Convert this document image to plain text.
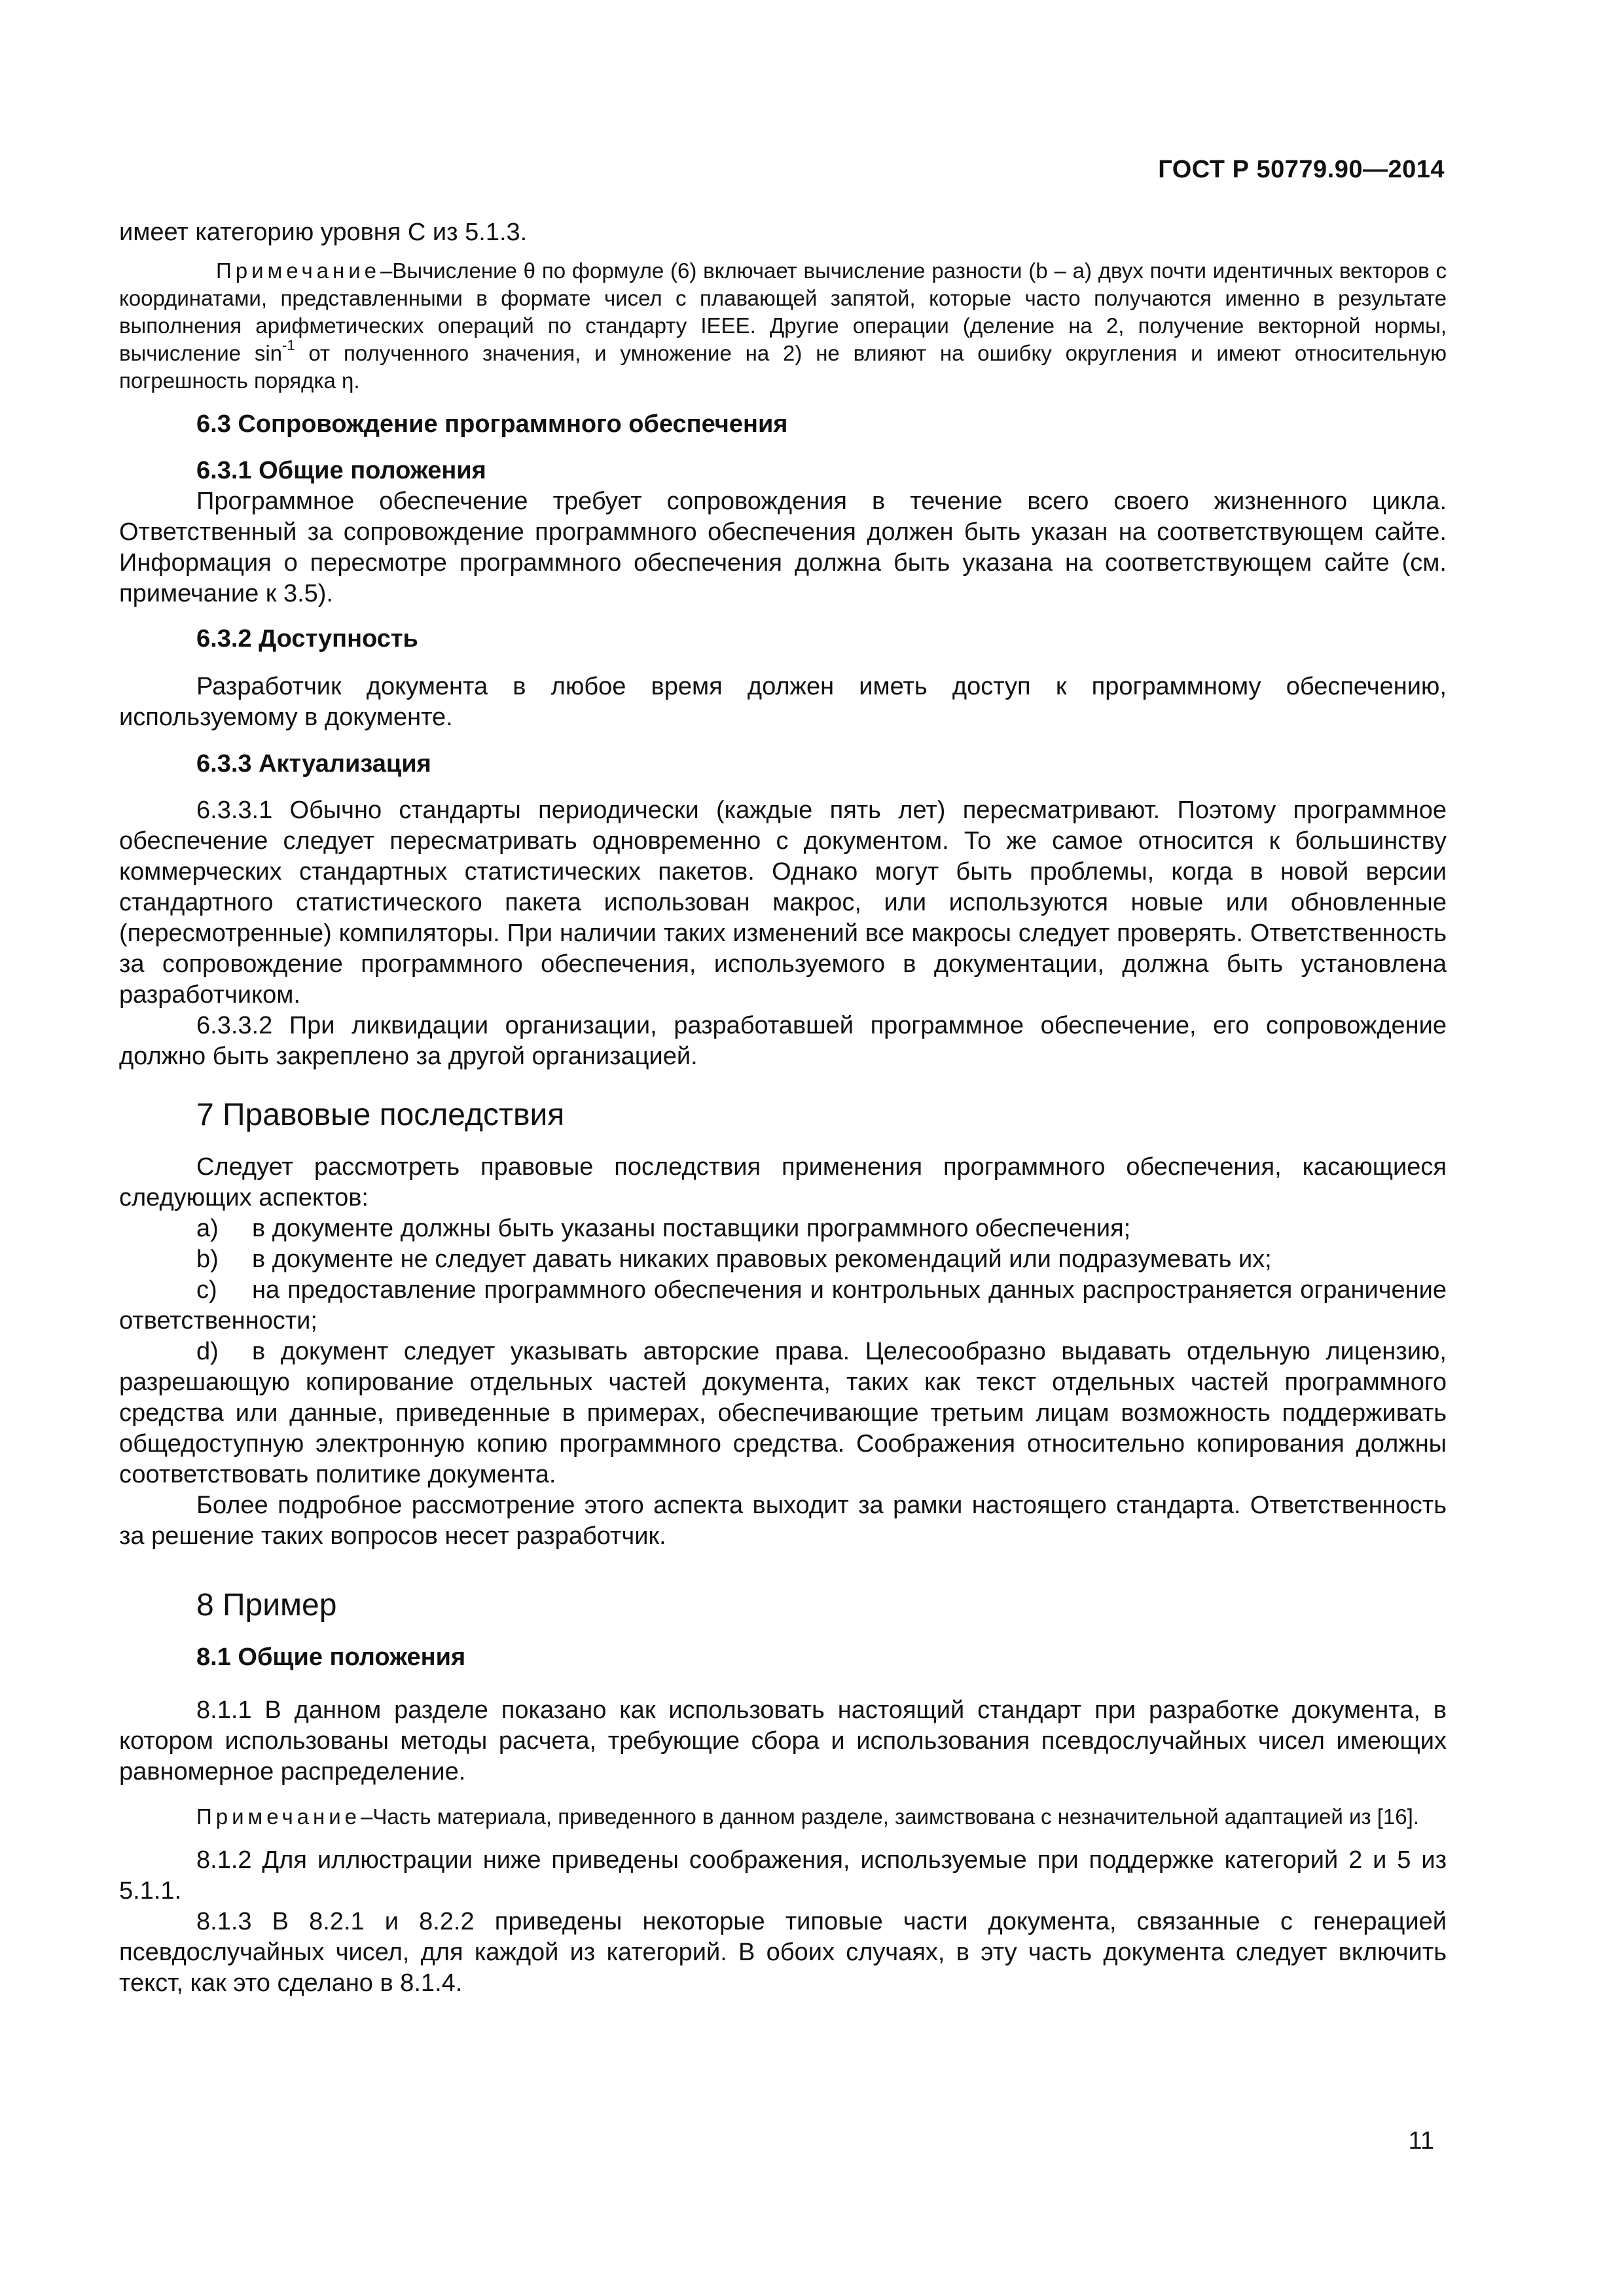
ГОСТ Р 50779.90—2014

имеет категорию уровня С из 5.1.3.

Примечание–Вычисление θ по формуле (6) включает вычисление разности (b – a) двух почти идентичных векторов с координатами, представленными в формате чисел с плавающей запятой, которые часто получаются именно в результате выполнения арифметических операций по стандарту IEEE. Другие операции (деление на 2, получение векторной нормы, вычисление $\sin^{-1}$ от полученного значения, и умножение на 2) не влияют на ошибку округления и имеют относительную погрешность порядка η.

6.3 Сопровождение программного обеспечения

6.3.1 Общие положения

Программное обеспечение требует сопровождения в течение всего своего жизненного цикла. Ответственный за сопровождение программного обеспечения должен быть указан на соответствующем сайте. Информация о пересмотре программного обеспечения должна быть указана на соответствующем сайте (см. примечание к 3.5).

6.3.2 Доступность

Разработчик документа в любое время должен иметь доступ к программному обеспечению, используемому в документе.

6.3.3 Актуализация

6.3.3.1 Обычно стандарты периодически (каждые пять лет) пересматривают. Поэтому программное обеспечение следует пересматривать одновременно с документом. То же самое относится к большинству коммерческих стандартных статистических пакетов. Однако могут быть проблемы, когда в новой версии стандартного статистического пакета использован макрос, или используются новые или обновленные (пересмотренные) компиляторы. При наличии таких изменений все макросы следует проверять. Ответственность за сопровождение программного обеспечения, используемого в документации, должна быть установлена разработчиком.

6.3.3.2 При ликвидации организации, разработавшей программное обеспечение, его сопровождение должно быть закреплено за другой организацией.

7 Правовые последствия

Следует рассмотреть правовые последствия применения программного обеспечения, касающиеся следующих аспектов:

a) в документе должны быть указаны поставщики программного обеспечения;

b) в документе не следует давать никаких правовых рекомендаций или подразумевать их;

c) на предоставление программного обеспечения и контрольных данных распространяется ограничение ответственности;

d) в документ следует указывать авторские права. Целесообразно выдавать отдельную лицензию, разрешающую копирование отдельных частей документа, таких как текст отдельных частей программного средства или данные, приведенные в примерах, обеспечивающие третьим лицам возможность поддерживать общедоступную электронную копию программного средства. Соображения относительно копирования должны соответствовать политике документа.

Более подробное рассмотрение этого аспекта выходит за рамки настоящего стандарта. Ответственность за решение таких вопросов несет разработчик.

8 Пример

8.1 Общие положения

8.1.1 В данном разделе показано как использовать настоящий стандарт при разработке документа, в котором использованы методы расчета, требующие сбора и использования псевдослучайных чисел имеющих равномерное распределение.

Примечание–Часть материала, приведенного в данном разделе, заимствована с незначительной адаптацией из [16].

8.1.2 Для иллюстрации ниже приведены соображения, используемые при поддержке категорий 2 и 5 из 5.1.1.

8.1.3 В 8.2.1 и 8.2.2 приведены некоторые типовые части документа, связанные с генерацией псевдослучайных чисел, для каждой из категорий. В обоих случаях, в эту часть документа следует включить текст, как это сделано в 8.1.4.

11
